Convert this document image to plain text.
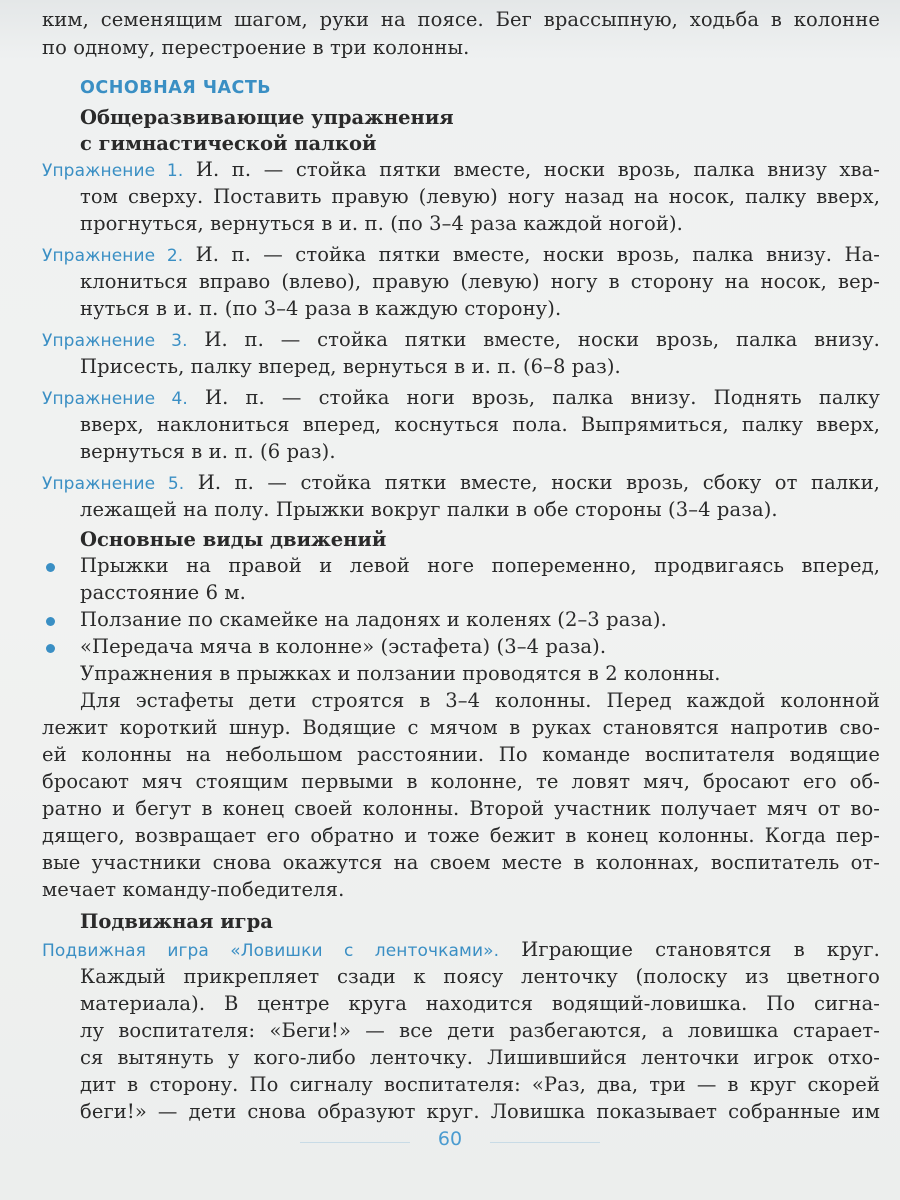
ким, семенящим шагом, руки на поясе. Бег врассыпную, ходьба в колонне
по одному, перестроение в три колонны.
ОСНОВНАЯ ЧАСТЬ
Общеразвивающие упражнения
с гимнастической палкой
Упражнение 1. И. п. — стойка пятки вместе, носки врозь, палка внизу хва-
том сверху. Поставить правую (левую) ногу назад на носок, палку вверх,
прогнуться, вернуться в и. п. (по 3–4 раза каждой ногой).
Упражнение 2. И. п. — стойка пятки вместе, носки врозь, палка внизу. На-
клониться вправо (влево), правую (левую) ногу в сторону на носок, вер-
нуться в и. п. (по 3–4 раза в каждую сторону).
Упражнение 3. И. п. — стойка пятки вместе, носки врозь, палка внизу.
Присесть, палку вперед, вернуться в и. п. (6–8 раз).
Упражнение 4. И. п. — стойка ноги врозь, палка внизу. Поднять палку
вверх, наклониться вперед, коснуться пола. Выпрямиться, палку вверх,
вернуться в и. п. (6 раз).
Упражнение 5. И. п. — стойка пятки вместе, носки врозь, сбоку от палки,
лежащей на полу. Прыжки вокруг палки в обе стороны (3–4 раза).
Основные виды движений
Прыжки на правой и левой ноге попеременно, продвигаясь вперед,
расстояние 6 м.
Ползание по скамейке на ладонях и коленях (2–3 раза).
«Передача мяча в колонне» (эстафета) (3–4 раза).
Упражнения в прыжках и ползании проводятся в 2 колонны.
Для эстафеты дети строятся в 3–4 колонны. Перед каждой колонной
лежит короткий шнур. Водящие с мячом в руках становятся напротив сво-
ей колонны на небольшом расстоянии. По команде воспитателя водящие
бросают мяч стоящим первыми в колонне, те ловят мяч, бросают его об-
ратно и бегут в конец своей колонны. Второй участник получает мяч от во-
дящего, возвращает его обратно и тоже бежит в конец колонны. Когда пер-
вые участники снова окажутся на своем месте в колоннах, воспитатель от-
мечает команду-победителя.
Подвижная игра
Подвижная игра «Ловишки с ленточками». Играющие становятся в круг.
Каждый прикрепляет сзади к поясу ленточку (полоску из цветного
материала). В центре круга находится водящий-ловишка. По сигна-
лу воспитателя: «Беги!» — все дети разбегаются, а ловишка старает-
ся вытянуть у кого-либо ленточку. Лишившийся ленточки игрок отхо-
дит в сторону. По сигналу воспитателя: «Раз, два, три — в круг скорей
беги!» — дети снова образуют круг. Ловишка показывает собранные им
60
